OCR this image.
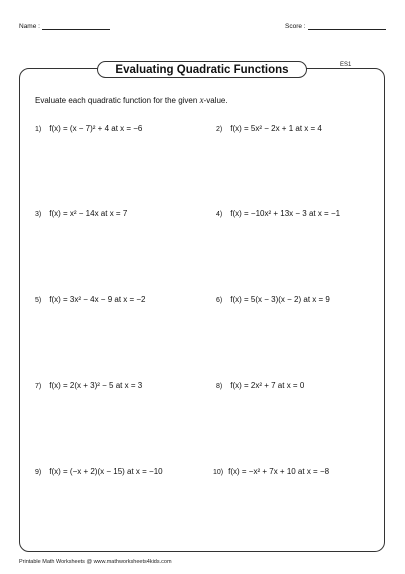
Name :	Score :
Evaluating Quadratic Functions	ES1
Evaluate each quadratic function for the given x-value.
1) f(x) = (x − 7)² + 4 at x = −6	2) f(x) = 5x² − 2x + 1 at x = 4
3) f(x) = x² − 14x at x = 7	4) f(x) = −10x² + 13x − 3 at x = −1
5) f(x) = 3x² − 4x − 9 at x = −2	6) f(x) = 5(x − 3)(x − 2) at x = 9
7) f(x) = 2(x + 3)² − 5 at x = 3	8) f(x) = 2x² + 7 at x = 0
9) f(x) = (−x + 2)(x − 15) at x = −10	10) f(x) = −x² + 7x + 10 at x = −8
Printable Math Worksheets @ www.mathworksheets4kids.com
